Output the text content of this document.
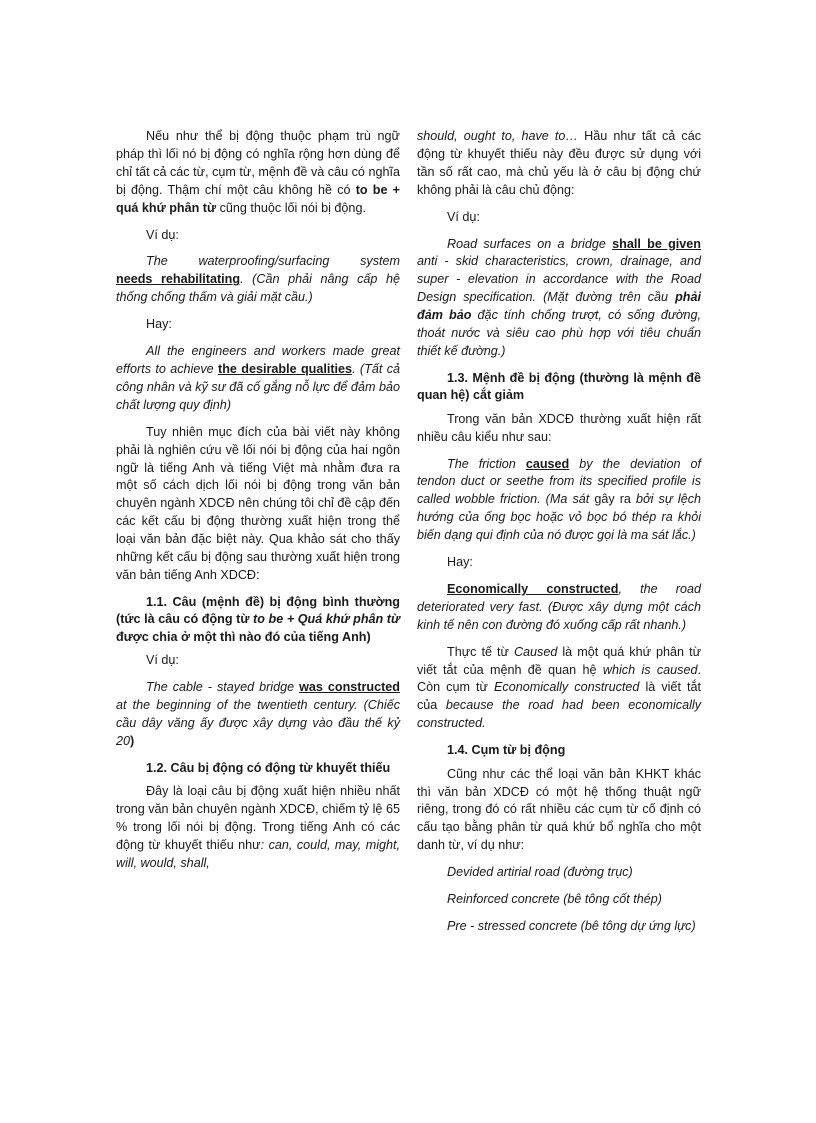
Nếu như thể bị động thuộc phạm trù ngữ pháp thì lối nó bị động có nghĩa rộng hơn dùng để chỉ tất cả các từ, cụm từ, mệnh đề và câu có nghĩa bị động. Thậm chí một câu không hề có to be + quá khứ phân từ cũng thuộc lối nói bị động.

Ví dụ:

The waterproofing/surfacing system

needs rehabilitating. (Cần phải nâng cấp hệ thống chống thấm và giải mặt cầu.)

Hay:

All the engineers and workers made great efforts to achieve the desirable qualities. (Tất cả công nhân và kỹ sư đã cố gắng nỗ lực để đảm bảo chất lượng quy định)

Tuy nhiên mục đích của bài viết này không phải là nghiên cứu về lối nói bị động của hai ngôn ngữ là tiếng Anh và tiếng Việt mà nhằm đưa ra một số cách dịch lối nói bị động trong văn bản chuyên ngành XDCĐ nên chúng tôi chỉ đề cập đến các kết cấu bị động thường xuất hiện trong thể loại văn bản đặc biệt này. Qua khảo sát cho thấy những kết cấu bị động sau thường xuất hiện trong văn bản tiếng Anh XDCĐ:

1.1. Câu (mệnh đề) bị động bình thường (tức là câu có động từ to be + Quá khứ phân từ được chia ở một thì nào đó của tiếng Anh)

Ví dụ:

The cable - stayed bridge was constructed at the beginning of the twentieth century. (Chiếc cầu dây văng ấy được xây dựng vào đầu thế kỷ 20)

1.2. Câu bị động có động từ khuyết thiếu

Đây là loại câu bị động xuất hiện nhiều nhất trong văn bản chuyên ngành XDCĐ, chiếm tỷ lệ 65 % trong lối nói bị động. Trong tiếng Anh có các động từ khuyết thiếu như: can, could, may, might, will, would, shall,

should, ought to, have to… Hầu như tất cả các động từ khuyết thiếu này đều được sử dụng với tần số rất cao, mà chủ yếu là ở câu bị động chứ không phải là câu chủ động:

Ví dụ:

Road surfaces on a bridge shall be given anti - skid characteristics, crown, drainage, and super - elevation in accordance with the Road Design specification. (Mặt đường trên cầu phải đảm bảo đặc tính chống trượt, có sống đường, thoát nước và siêu cao phù hợp với tiêu chuẩn thiết kế đường.)

1.3. Mệnh đề bị động (thường là mệnh đề quan hệ) cắt giảm

Trong văn bản XDCĐ thường xuất hiện rất nhiều câu kiểu như sau:

The friction caused by the deviation of tendon duct or seethe from its specified profile is called wobble friction. (Ma sát gây ra bởi sự lệch hướng của ống bọc hoặc vỏ bọc bó thép ra khỏi biến dạng qui định của nó được gọi là ma sát lắc.)

Hay:

Economically constructed, the road deteriorated very fast. (Được xây dựng một cách kinh tế nên con đường đó xuống cấp rất nhanh.)

Thực tế từ Caused là một quá khứ phân từ viết tắt của mệnh đề quan hệ which is caused. Còn cụm từ Economically constructed là viết tắt của because the road had been economically constructed.

1.4. Cụm từ bị động

Cũng như các thể loại văn bản KHKT khác thì văn bản XDCĐ có một hệ thống thuật ngữ riêng, trong đó có rất nhiều các cụm từ cố định có cấu tạo bằng phân từ quá khứ bổ nghĩa cho một danh từ, ví dụ như:

Devided artirial road (đường trục)

Reinforced concrete (bê tông cốt thép)

Pre - stressed concrete (bê tông dự ứng lực)
